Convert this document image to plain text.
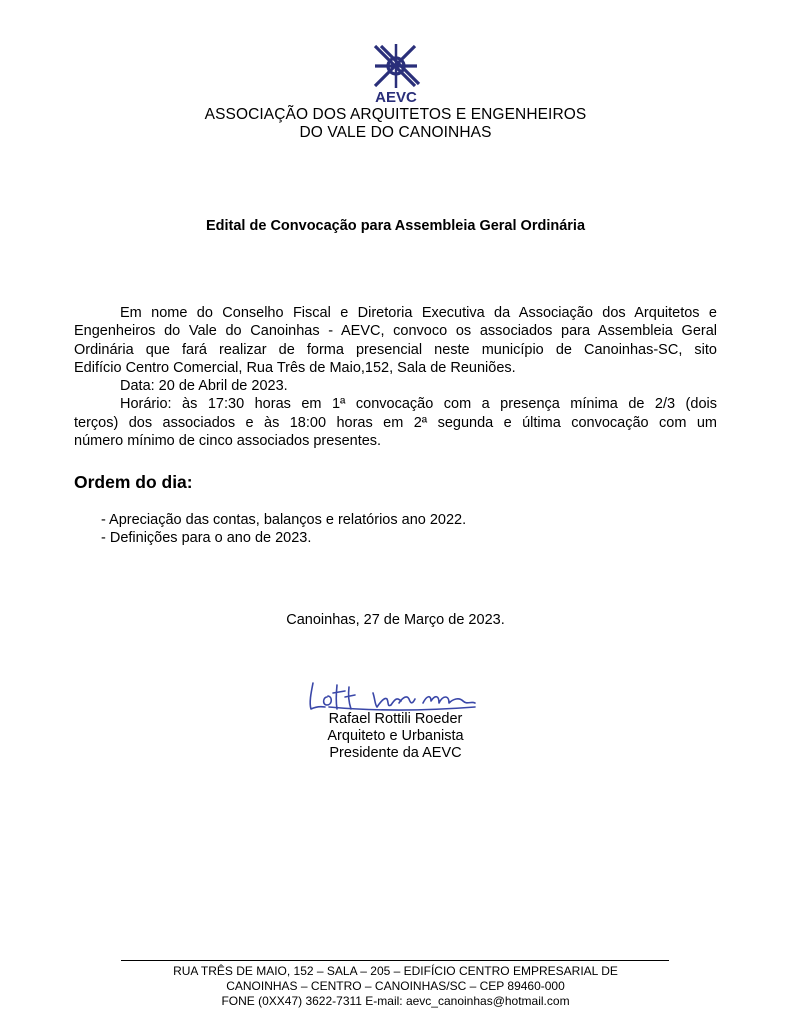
AEVC
ASSOCIAÇÃO DOS ARQUITETOS E ENGENHEIROS
DO VALE DO CANOINHAS
Edital de Convocação para Assembleia Geral Ordinária
Em nome do Conselho Fiscal e Diretoria Executiva da Associação dos Arquitetos e
Engenheiros do Vale do Canoinhas - AEVC, convoco os associados para Assembleia Geral
Ordinária que fará realizar de forma presencial neste município de Canoinhas-SC, sito
Edifício Centro Comercial, Rua Três de Maio,152, Sala de Reuniões.
Data: 20 de Abril de 2023.
Horário: às 17:30 horas em 1ª convocação com a presença mínima de 2/3 (dois
terços) dos associados e às 18:00 horas em 2ª segunda e última convocação com um
número mínimo de cinco associados presentes.
Ordem do dia:
- Apreciação das contas, balanços e relatórios ano 2022.
- Definições para o ano de 2023.
Canoinhas, 27 de Março de 2023.
Rafael Rottili Roeder
Arquiteto e Urbanista
Presidente da AEVC
RUA TRÊS DE MAIO, 152 – SALA – 205 – EDIFÍCIO CENTRO EMPRESARIAL DE
CANOINHAS – CENTRO – CANOINHAS/SC – CEP 89460-000
FONE (0XX47) 3622-7311 E-mail: aevc_canoinhas@hotmail.com
